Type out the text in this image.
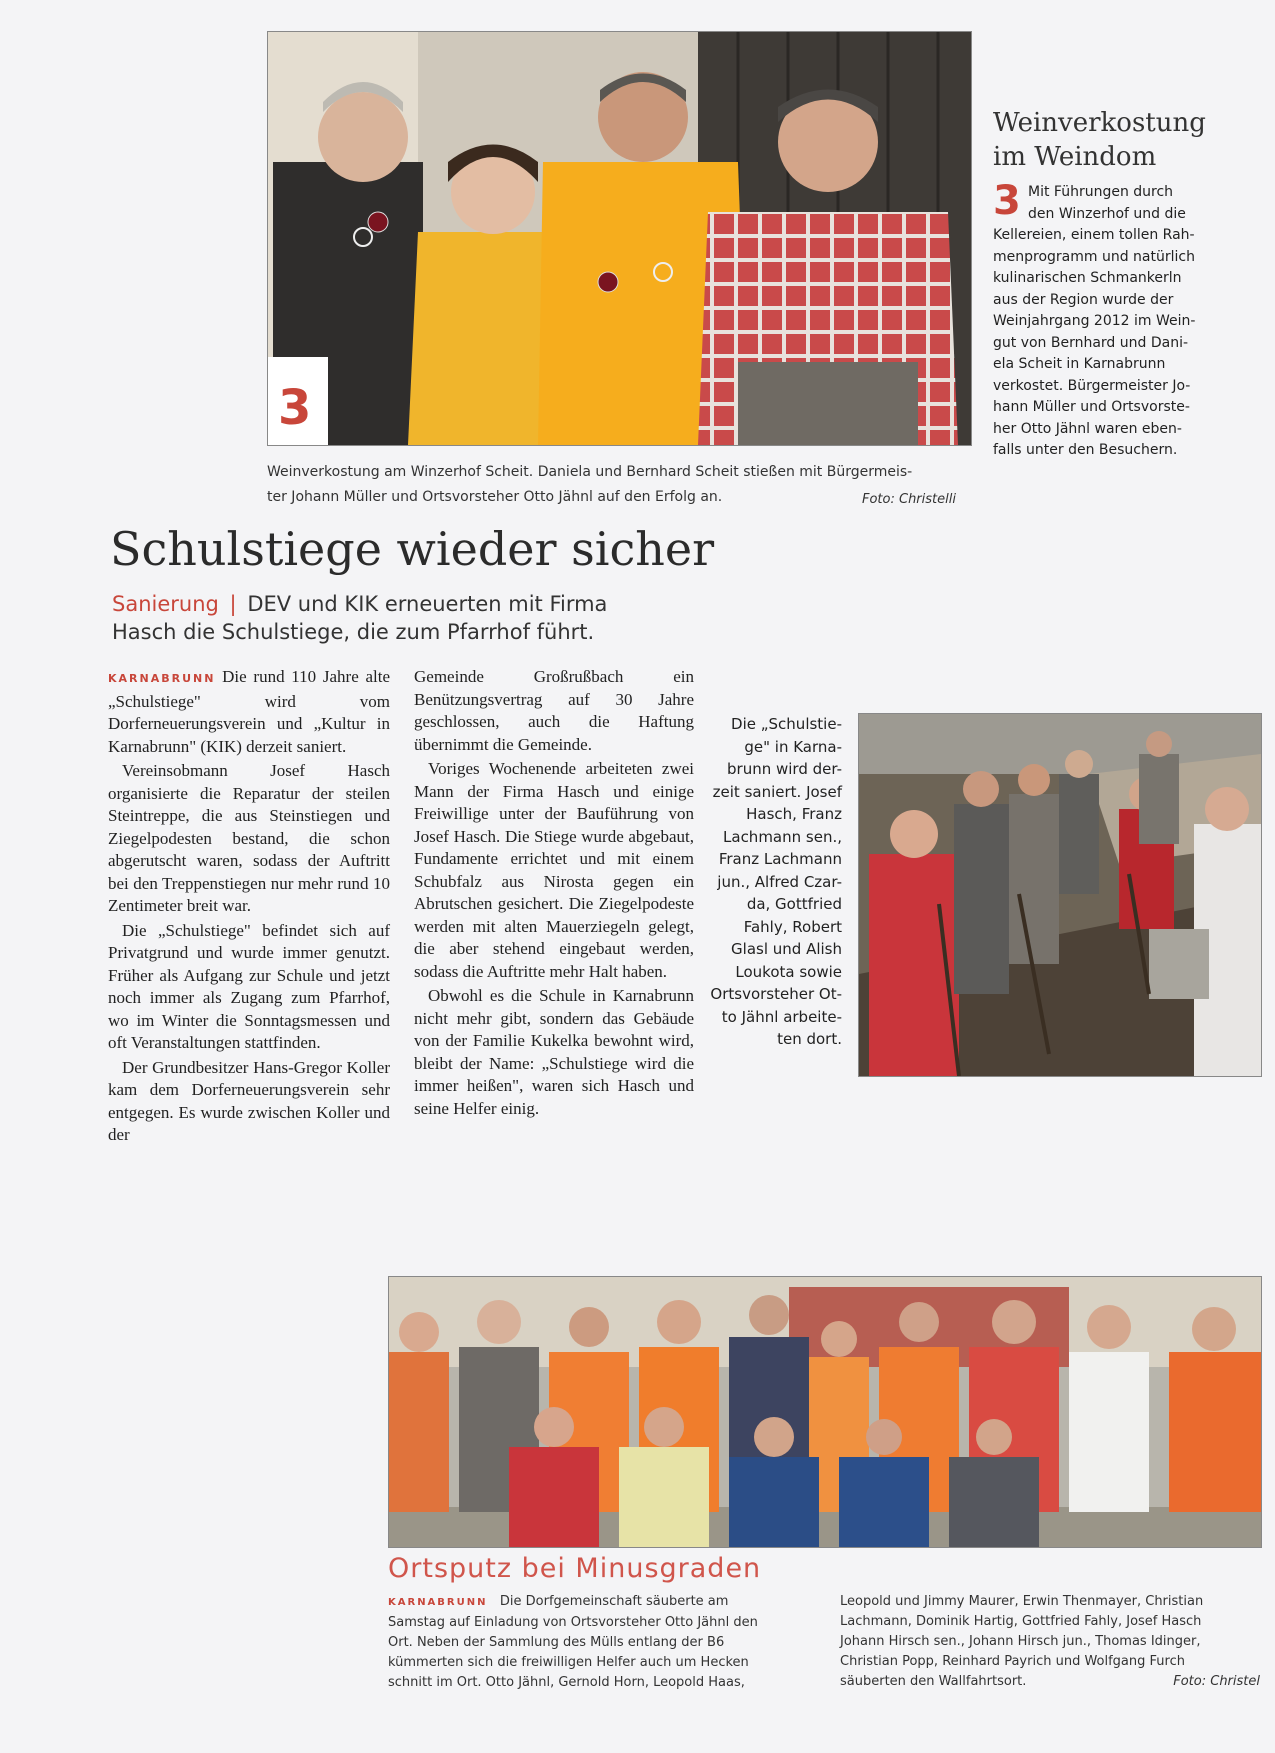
3
Weinverkostung am Winzerhof Scheit. Daniela und Bernhard Scheit stießen mit Bürgermeis-
ter Johann Müller und Ortsvorsteher Otto Jähnl auf den Erfolg an.	Foto: Christelli
Weinverkostung
im Weindom
3 Mit Führungen durch
den Winzerhof und die
Kellereien, einem tollen Rah-
menprogramm und natürlich
kulinarischen Schmankerln
aus der Region wurde der
Weinjahrgang 2012 im Wein-
gut von Bernhard und Dani-
ela Scheit in Karnabrunn
verkostet. Bürgermeister Jo-
hann Müller und Ortsvorste-
her Otto Jähnl waren eben-
falls unter den Besuchern.
Schulstiege wieder sicher
Sanierung | DEV und KIK erneuerten mit Firma
Hasch die Schulstiege, die zum Pfarrhof führt.

KARNABRUNN Die rund 110 Jahre alte „Schulstiege" wird vom Dorferneuerungsverein und „Kultur in Karnabrunn" (KIK) derzeit saniert.

Vereinsobmann Josef Hasch organisierte die Reparatur der steilen Steintreppe, die aus Steinstiegen und Ziegelpodesten bestand, die schon abgerutscht waren, sodass der Auftritt bei den Treppenstiegen nur mehr rund 10 Zentimeter breit war.

Die „Schulstiege" befindet sich auf Privatgrund und wurde immer genutzt. Früher als Aufgang zur Schule und jetzt noch immer als Zugang zum Pfarrhof, wo im Winter die Sonntagsmessen und oft Veranstaltungen stattfinden.

Der Grundbesitzer Hans-Gregor Koller kam dem Dorferneuerungsverein sehr entgegen. Es wurde zwischen Koller und der

Gemeinde Großrußbach ein Benützungsvertrag auf 30 Jahre geschlossen, auch die Haftung übernimmt die Gemeinde.

Voriges Wochenende arbeiteten zwei Mann der Firma Hasch und einige Freiwillige unter der Bauführung von Josef Hasch. Die Stiege wurde abgebaut, Fundamente errichtet und mit einem Schubfalz aus Nirosta gegen ein Abrutschen gesichert. Die Ziegelpodeste werden mit alten Mauerziegeln gelegt, die aber stehend eingebaut werden, sodass die Auftritte mehr Halt haben.

Obwohl es die Schule in Karnabrunn nicht mehr gibt, sondern das Gebäude von der Familie Kukelka bewohnt wird, bleibt der Name: „Schulstiege wird die immer heißen", waren sich Hasch und seine Helfer einig.

Die „Schulstie-
ge" in Karna-
brunn wird der-
zeit saniert. Josef
Hasch, Franz
Lachmann sen.,
Franz Lachmann
jun., Alfred Czar-
da, Gottfried
Fahly, Robert
Glasl und Alish
Loukota sowie
Ortsvorsteher Ot-
to Jähnl arbeite-
ten dort.
Ortsputz bei Minusgraden
KARNABRUNN Die Dorfgemeinschaft säuberte am
Samstag auf Einladung von Ortsvorsteher Otto Jähnl den
Ort. Neben der Sammlung des Mülls entlang der B6
kümmerten sich die freiwilligen Helfer auch um Hecken
schnitt im Ort. Otto Jähnl, Gernold Horn, Leopold Haas,
Leopold und Jimmy Maurer, Erwin Thenmayer, Christian
Lachmann, Dominik Hartig, Gottfried Fahly, Josef Hasch
Johann Hirsch sen., Johann Hirsch jun., Thomas Idinger,
Christian Popp, Reinhard Payrich und Wolfgang Furch
säuberten den Wallfahrtsort.	Foto: Christel
